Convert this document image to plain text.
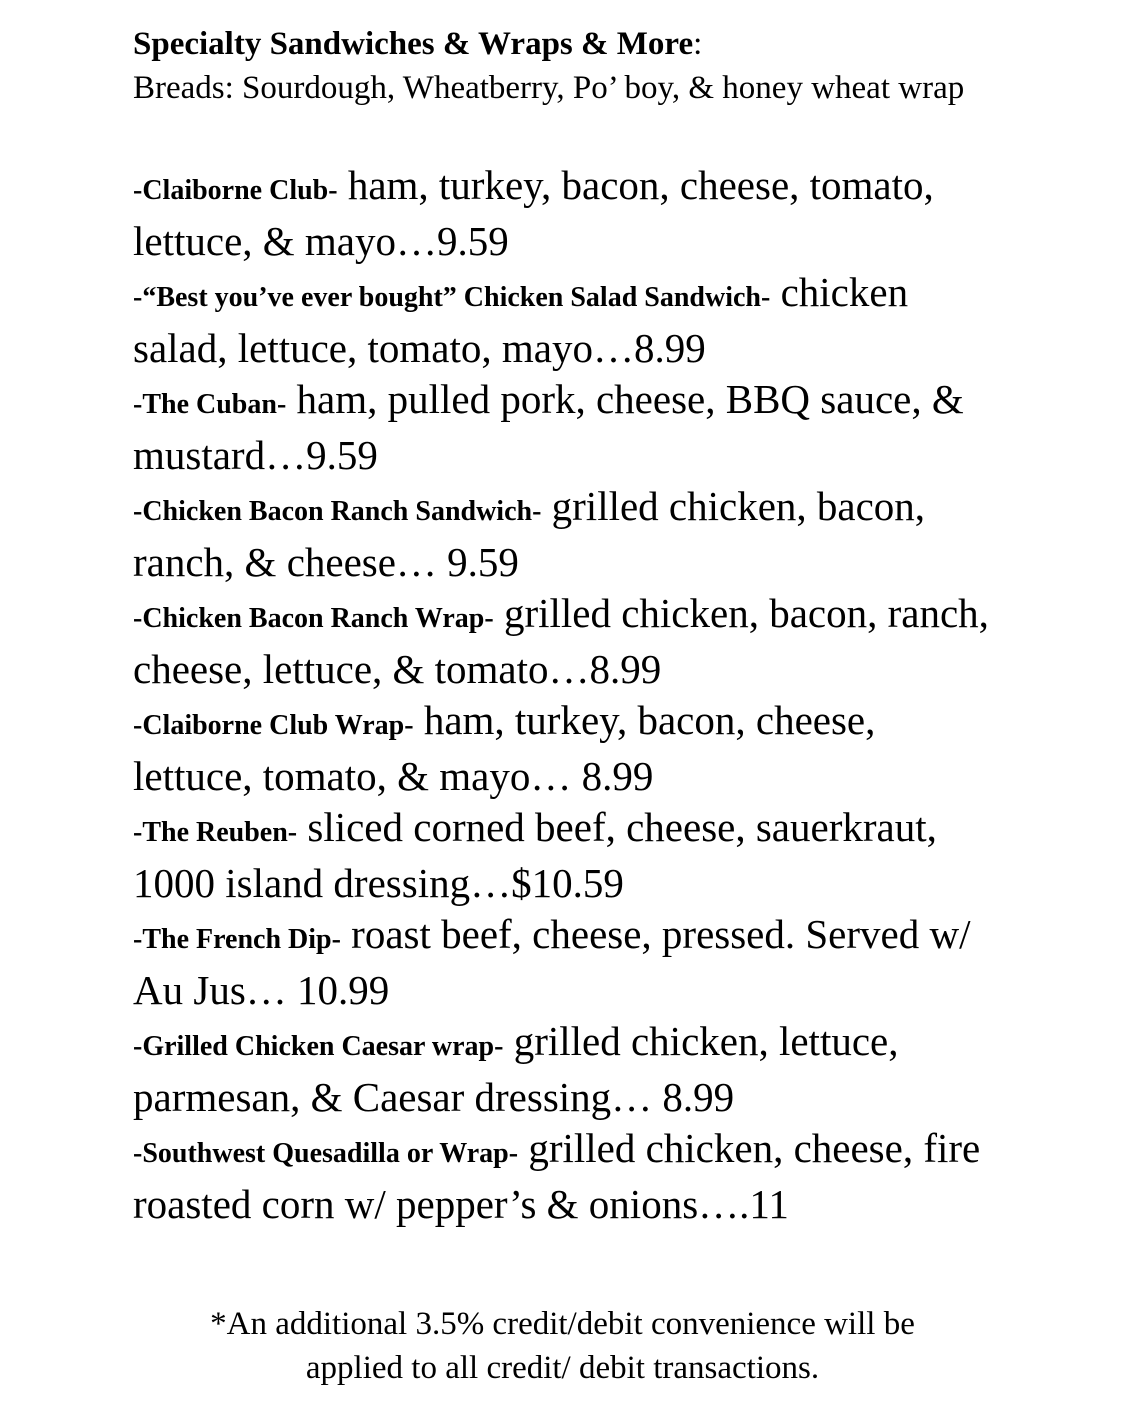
Specialty Sandwiches & Wraps & More:
Breads: Sourdough, Wheatberry, Po’ boy, & honey wheat wrap
-Claiborne Club- ham, turkey, bacon, cheese, tomato, lettuce, & mayo…9.59
-“Best you’ve ever bought” Chicken Salad Sandwich- chicken salad, lettuce, tomato, mayo…8.99
-The Cuban- ham, pulled pork, cheese, BBQ sauce, & mustard…9.59
-Chicken Bacon Ranch Sandwich- grilled chicken, bacon, ranch, & cheese… 9.59
-Chicken Bacon Ranch Wrap- grilled chicken, bacon, ranch, cheese, lettuce, & tomato…8.99
-Claiborne Club Wrap- ham, turkey, bacon, cheese, lettuce, tomato, & mayo… 8.99
-The Reuben- sliced corned beef, cheese, sauerkraut, 1000 island dressing…$10.59
-The French Dip- roast beef, cheese, pressed. Served w/ Au Jus… 10.99
-Grilled Chicken Caesar wrap- grilled chicken, lettuce, parmesan, & Caesar dressing… 8.99
-Southwest Quesadilla or Wrap- grilled chicken, cheese, fire roasted corn w/ pepper’s & onions….11
*An additional 3.5% credit/debit convenience will be
applied to all credit/ debit transactions.
